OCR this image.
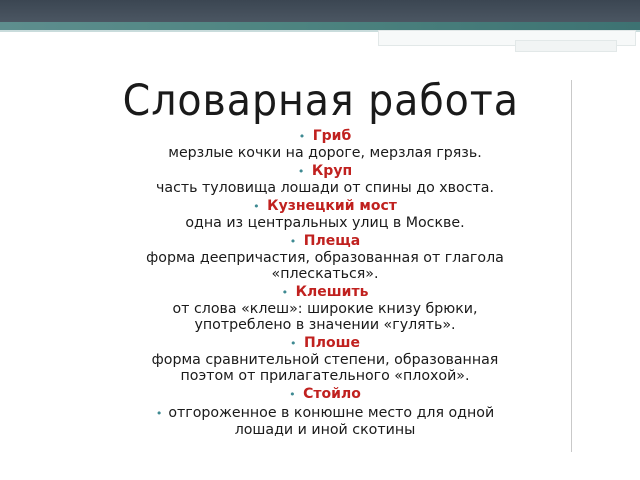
Словарная работа
• Гриб
мерзлые кочки на дороге, мерзлая грязь.
• Круп
часть туловища лошади от спины до хвоста.
• Кузнецкий мост
одна из центральных улиц в Москве.
• Плеща
форма деепричастия, образованная от глагола
«плескаться».
• Клешить
от слова «клеш»: широкие книзу брюки,
употреблено в значении «гулять».
• Плоше
форма сравнительной степени, образованная
поэтом от прилагательного «плохой».
• Стойло
• отгороженное в конюшне место для одной
лошади и иной скотины
